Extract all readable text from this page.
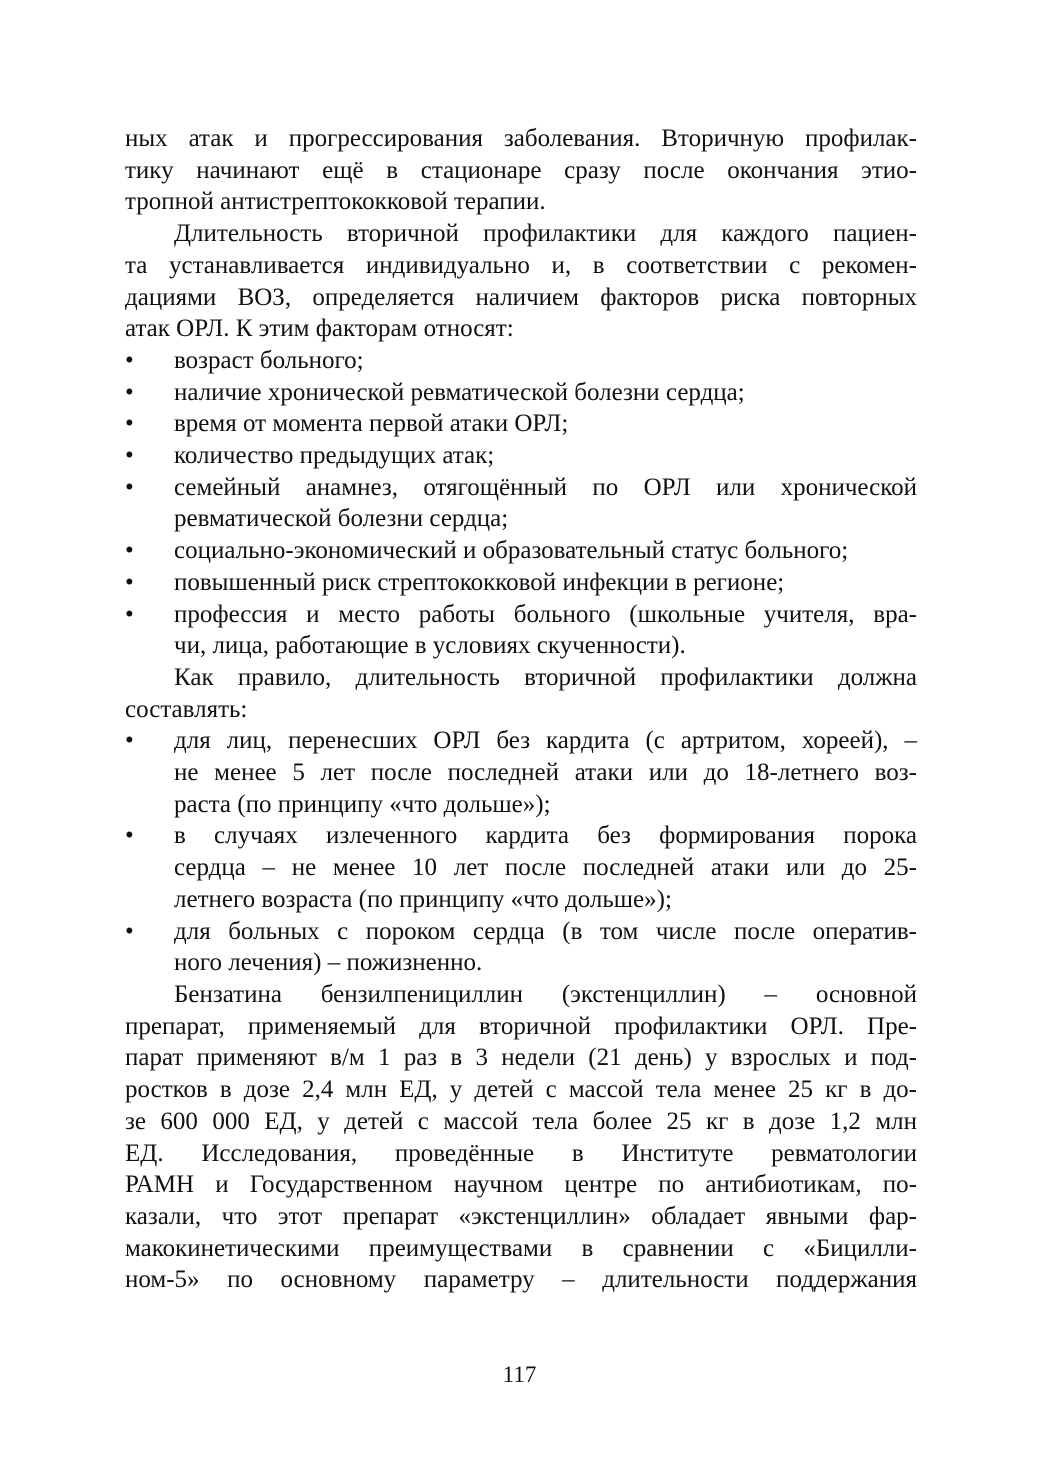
ных атак и прогрессирования заболевания. Вторичную профилак-
тику начинают ещё в стационаре сразу после окончания этио-
тропной антистрептококковой терапии.
Длительность вторичной профилактики для каждого пациен-
та устанавливается индивидуально и, в соответствии с рекомен-
дациями ВОЗ, определяется наличием факторов риска повторных
атак ОРЛ. К этим факторам относят:
•	возраст больного;
•	наличие хронической ревматической болезни сердца;
•	время от момента первой атаки ОРЛ;
•	количество предыдущих атак;
•	семейный анамнез, отягощённый по ОРЛ или хронической
ревматической болезни сердца;
•	социально-экономический и образовательный статус больного;
•	повышенный риск стрептококковой инфекции в регионе;
•	профессия и место работы больного (школьные учителя, вра-
чи, лица, работающие в условиях скученности).
Как правило, длительность вторичной профилактики должна
составлять:
•	для лиц, перенесших ОРЛ без кардита (с артритом, хореей), –
не менее 5 лет после последней атаки или до 18-летнего воз-
раста (по принципу «что дольше»);
•	в случаях излеченного кардита без формирования порока
сердца – не менее 10 лет после последней атаки или до 25-
летнего возраста (по принципу «что дольше»);
•	для больных с пороком сердца (в том числе после оператив-
ного лечения) – пожизненно.
Бензатина бензилпенициллин (экстенциллин) – основной
препарат, применяемый для вторичной профилактики ОРЛ. Пре-
парат применяют в/м 1 раз в 3 недели (21 день) у взрослых и под-
ростков в дозе 2,4 млн ЕД, у детей с массой тела менее 25 кг в до-
зе 600 000 ЕД, у детей с массой тела более 25 кг в дозе 1,2 млн
ЕД. Исследования, проведённые в Институте ревматологии
РАМН и Государственном научном центре по антибиотикам, по-
казали, что этот препарат «экстенциллин» обладает явными фар-
макокинетическими преимуществами в сравнении с «Бицилли-
ном-5» по основному параметру – длительности поддержания
117
